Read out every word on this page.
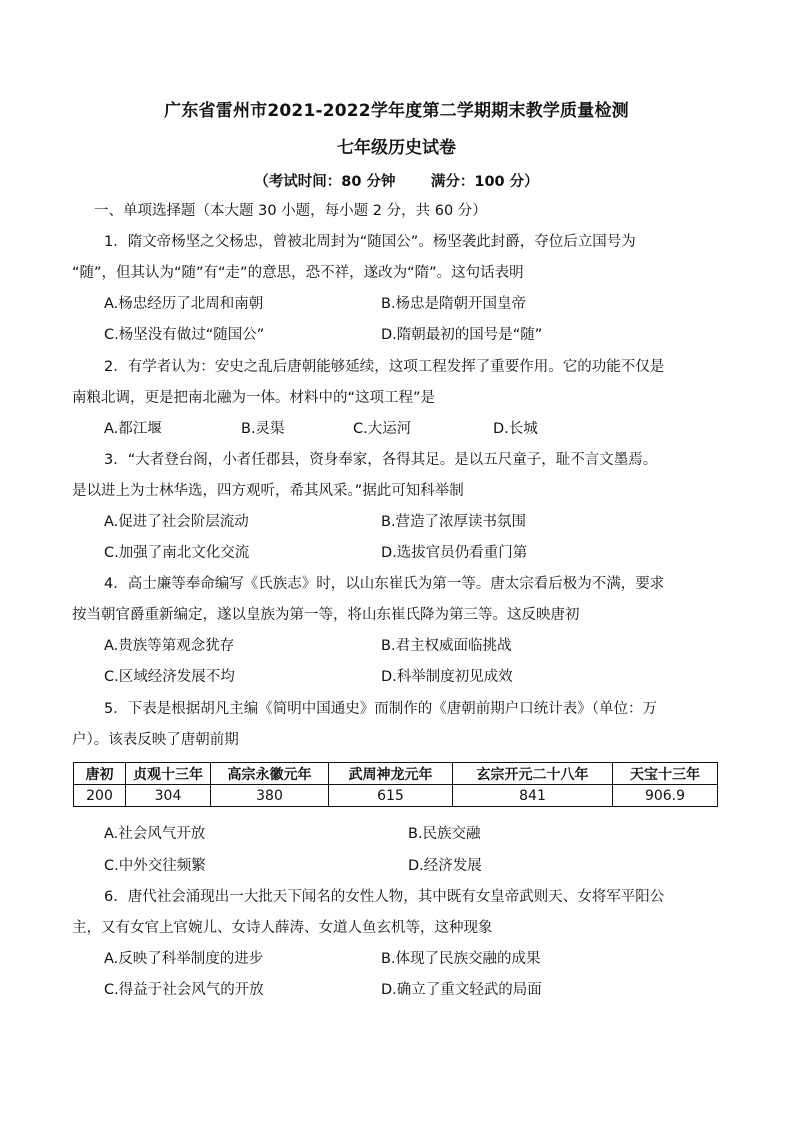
广东省雷州市2021-2022学年度第二学期期末教学质量检测
七年级历史试卷
（考试时间：80 分钟       满分：100 分）
一、单项选择题（本大题 30 小题，每小题 2 分，共 60 分）
1．隋文帝杨坚之父杨忠，曾被北周封为“随国公”。杨坚袭此封爵，夺位后立国号为
“随”，但其认为“随”有“走”的意思，恐不祥，遂改为“隋”。这句话表明
A.杨忠经历了北周和南朝	B.杨忠是隋朝开国皇帝
C.杨坚没有做过“随国公”	D.隋朝最初的国号是“随”
2．有学者认为：安史之乱后唐朝能够延续，这项工程发挥了重要作用。它的功能不仅是
南粮北调，更是把南北融为一体。材料中的“这项工程”是
A.都江堰	B.灵渠	C.大运河	D.长城
3．“大者登台阁，小者任郡县，资身奉家，各得其足。是以五尺童子，耻不言文墨焉。
是以进上为士林华选，四方观听，希其风采。”据此可知科举制
A.促进了社会阶层流动	B.营造了浓厚读书氛围
C.加强了南北文化交流	D.选拔官员仍看重门第
4．高士廉等奉命编写《氏族志》时，以山东崔氏为第一等。唐太宗看后极为不满，要求
按当朝官爵重新编定，遂以皇族为第一等，将山东崔氏降为第三等。这反映唐初
A.贵族等第观念犹存	B.君主权威面临挑战
C.区域经济发展不均	D.科举制度初见成效
5．下表是根据胡凡主编《简明中国通史》而制作的《唐朝前期户口统计表》（单位：万
户）。该表反映了唐朝前期
唐初	贞观十三年	高宗永徽元年	武周神龙元年	玄宗开元二十八年	天宝十三年
200	304	380	615	841	906.9
A.社会风气开放	B.民族交融
C.中外交往频繁	D.经济发展
6．唐代社会涌现出一大批天下闻名的女性人物，其中既有女皇帝武则天、女将军平阳公
主，又有女官上官婉儿、女诗人薛涛、女道人鱼玄机等，这种现象
A.反映了科举制度的进步	B.体现了民族交融的成果
C.得益于社会风气的开放	D.确立了重文轻武的局面
